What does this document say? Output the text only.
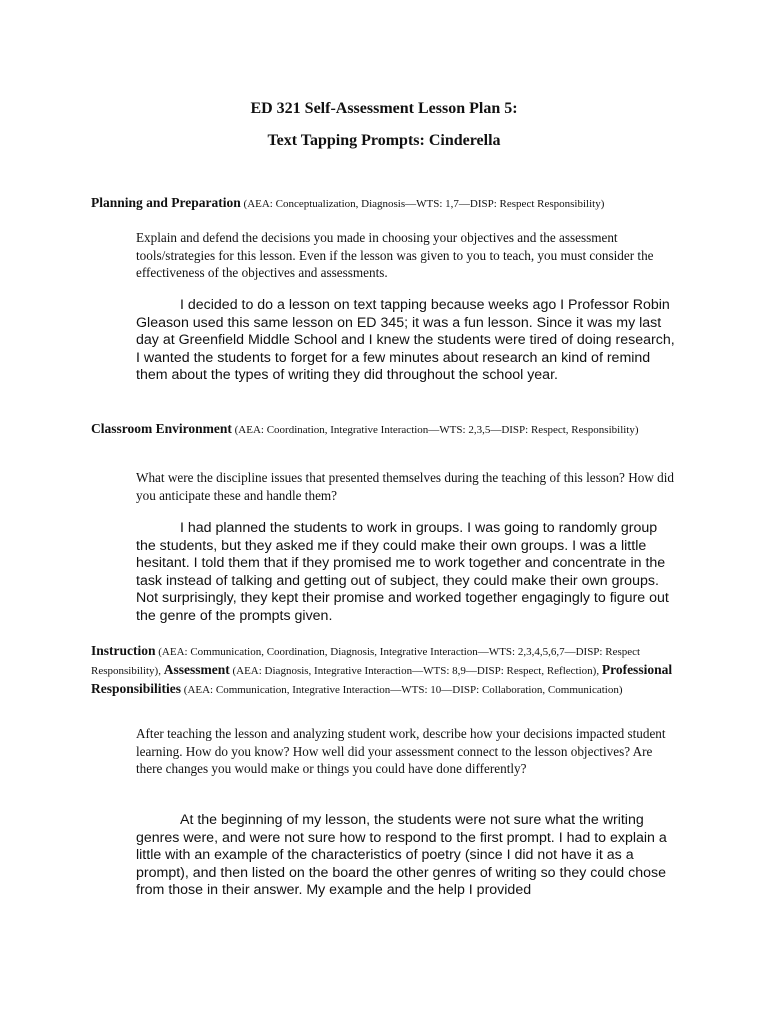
ED 321 Self-Assessment Lesson Plan 5:
Text Tapping Prompts: Cinderella
Planning and Preparation (AEA: Conceptualization, Diagnosis—WTS: 1,7—DISP: Respect Responsibility)
Explain and defend the decisions you made in choosing your objectives and the assessment tools/strategies for this lesson. Even if the lesson was given to you to teach, you must consider the effectiveness of the objectives and assessments.
I decided to do a lesson on text tapping because weeks ago I Professor Robin Gleason used this same lesson on ED 345; it was a fun lesson. Since it was my last day at Greenfield Middle School and I knew the students were tired of doing research, I wanted the students to forget for a few minutes about research an kind of remind them about the types of writing they did throughout the school year.
Classroom Environment (AEA: Coordination, Integrative Interaction—WTS: 2,3,5—DISP: Respect, Responsibility)
What were the discipline issues that presented themselves during the teaching of this lesson? How did you anticipate these and handle them?
I had planned the students to work in groups. I was going to randomly group the students, but they asked me if they could make their own groups. I was a little hesitant. I told them that if they promised me to work together and concentrate in the task instead of talking and getting out of subject, they could make their own groups. Not surprisingly, they kept their promise and worked together engagingly to figure out the genre of the prompts given.
Instruction (AEA: Communication, Coordination, Diagnosis, Integrative Interaction—WTS: 2,3,4,5,6,7—DISP: Respect Responsibility), Assessment (AEA: Diagnosis, Integrative Interaction—WTS: 8,9—DISP: Respect, Reflection), Professional Responsibilities (AEA: Communication, Integrative Interaction—WTS: 10—DISP: Collaboration, Communication)
After teaching the lesson and analyzing student work, describe how your decisions impacted student learning. How do you know? How well did your assessment connect to the lesson objectives? Are there changes you would make or things you could have done differently?
At the beginning of my lesson, the students were not sure what the writing genres were, and were not sure how to respond to the first prompt. I had to explain a little with an example of the characteristics of poetry (since I did not have it as a prompt), and then listed on the board the other genres of writing so they could chose from those in their answer. My example and the help I provided
